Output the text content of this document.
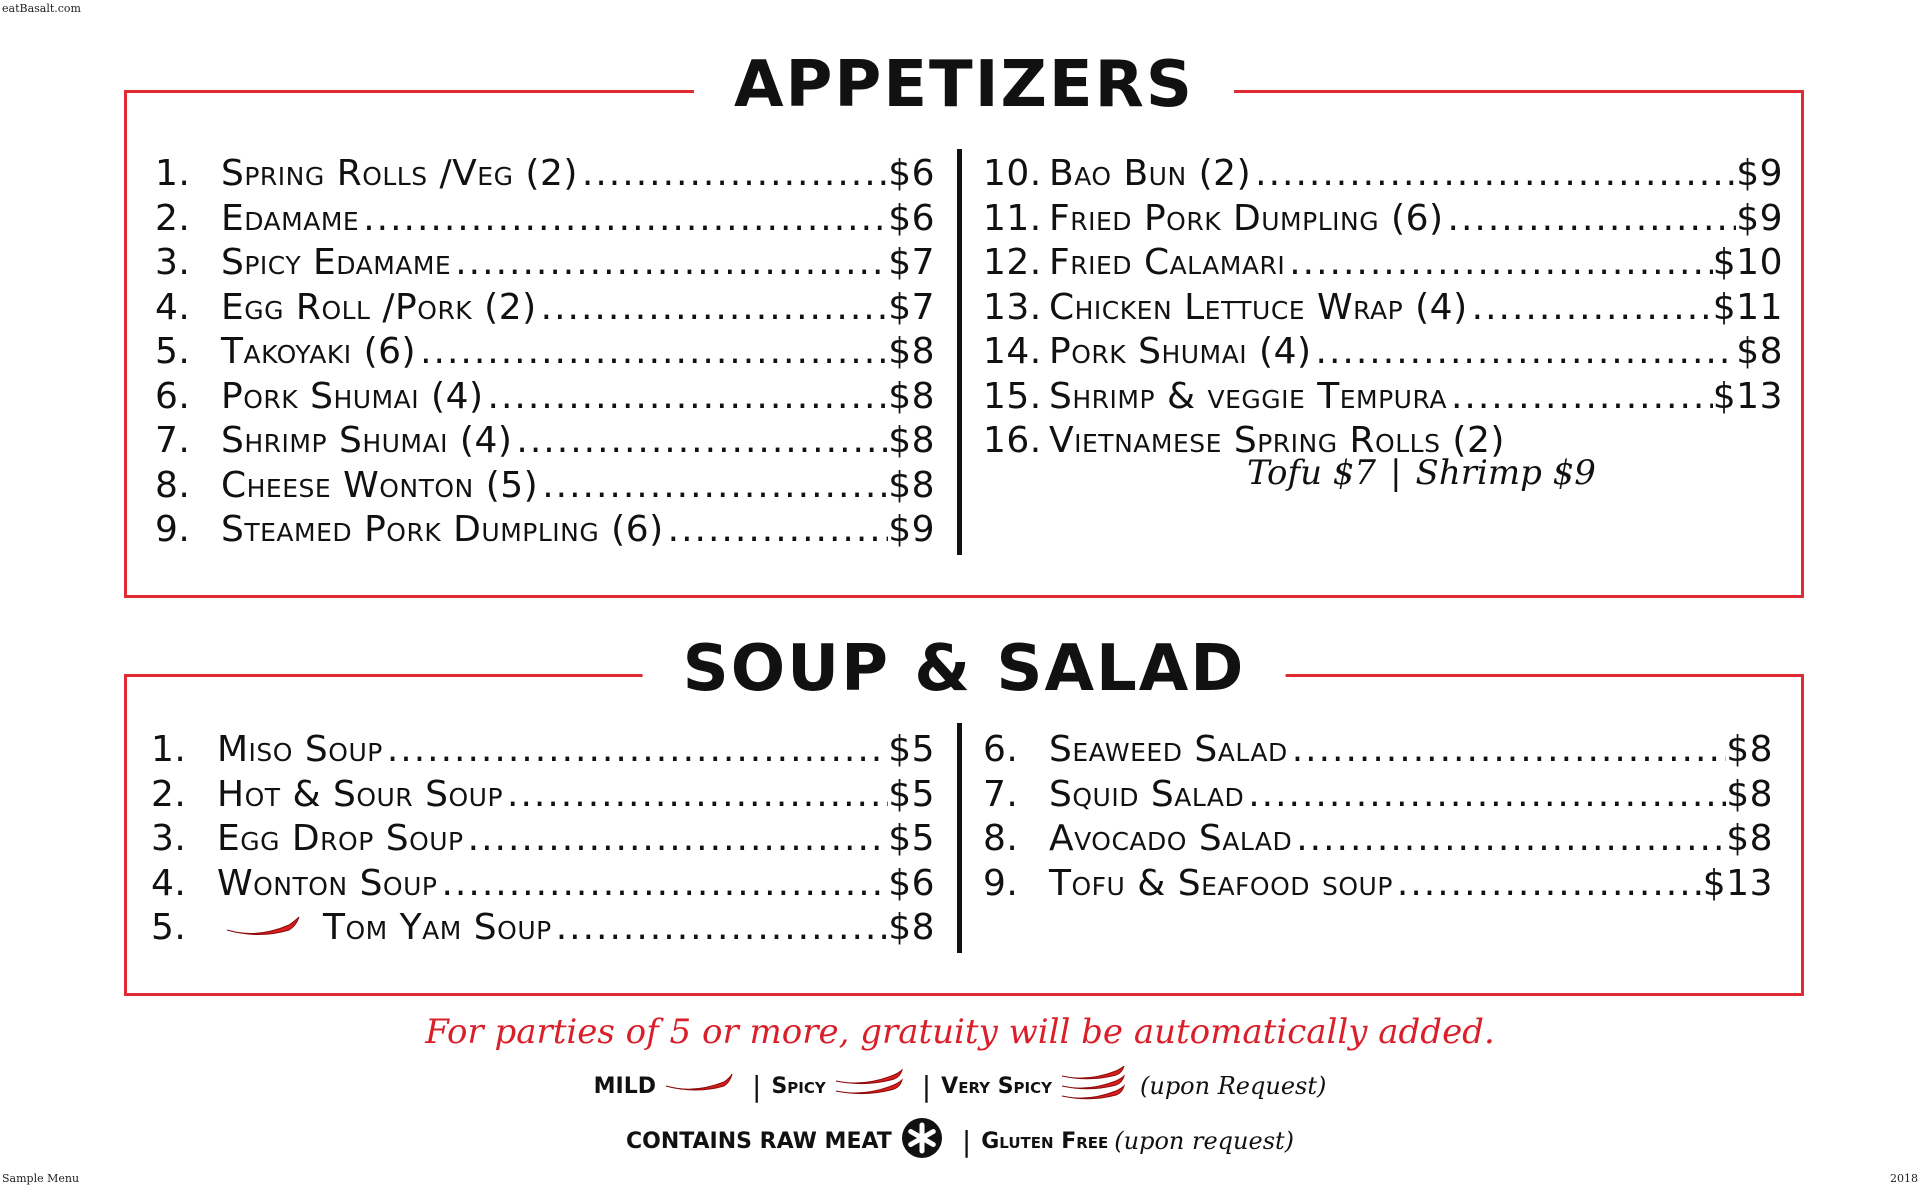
eatBasalt.com
Sample Menu	2018
APPETIZERS
1. Spring Rolls /Veg (2) .....	$6
2. Edamame .....	$6
3. Spicy Edamame .....	$7
4. Egg Roll /Pork (2) .....	$7
5. Takoyaki (6) .....	$8
6. Pork Shumai (4) .....	$8
7. Shrimp Shumai (4) .....	$8
8. Cheese Wonton (5) .....	$8
9. Steamed Pork Dumpling (6) .....	$9
10. Bao Bun (2) .....	$9
11. Fried Pork Dumpling (6) .....	$9
12. Fried Calamari .....	$10
13. Chicken Lettuce Wrap (4) .....	$11
14. Pork Shumai (4) .....	$8
15. Shrimp & veggie Tempura .....	$13
16. Vietnamese Spring Rolls (2)
Tofu $7 | Shrimp $9
SOUP & SALAD
1. Miso Soup .....	$5
2. Hot & Sour Soup .....	$5
3. Egg Drop Soup .....	$5
4. Wonton Soup .....	$6
5.	Tom Yam Soup .....	$8
6. Seaweed Salad .....	$8
7. Squid Salad .....	$8
8. Avocado Salad .....	$8
9. Tofu & Seafood soup .....	$13
For parties of 5 or more, gratuity will be automatically added.
MILD	| Spicy	| Very Spicy	(upon Request)
CONTAINS RAW MEAT	| Gluten Free (upon request)
